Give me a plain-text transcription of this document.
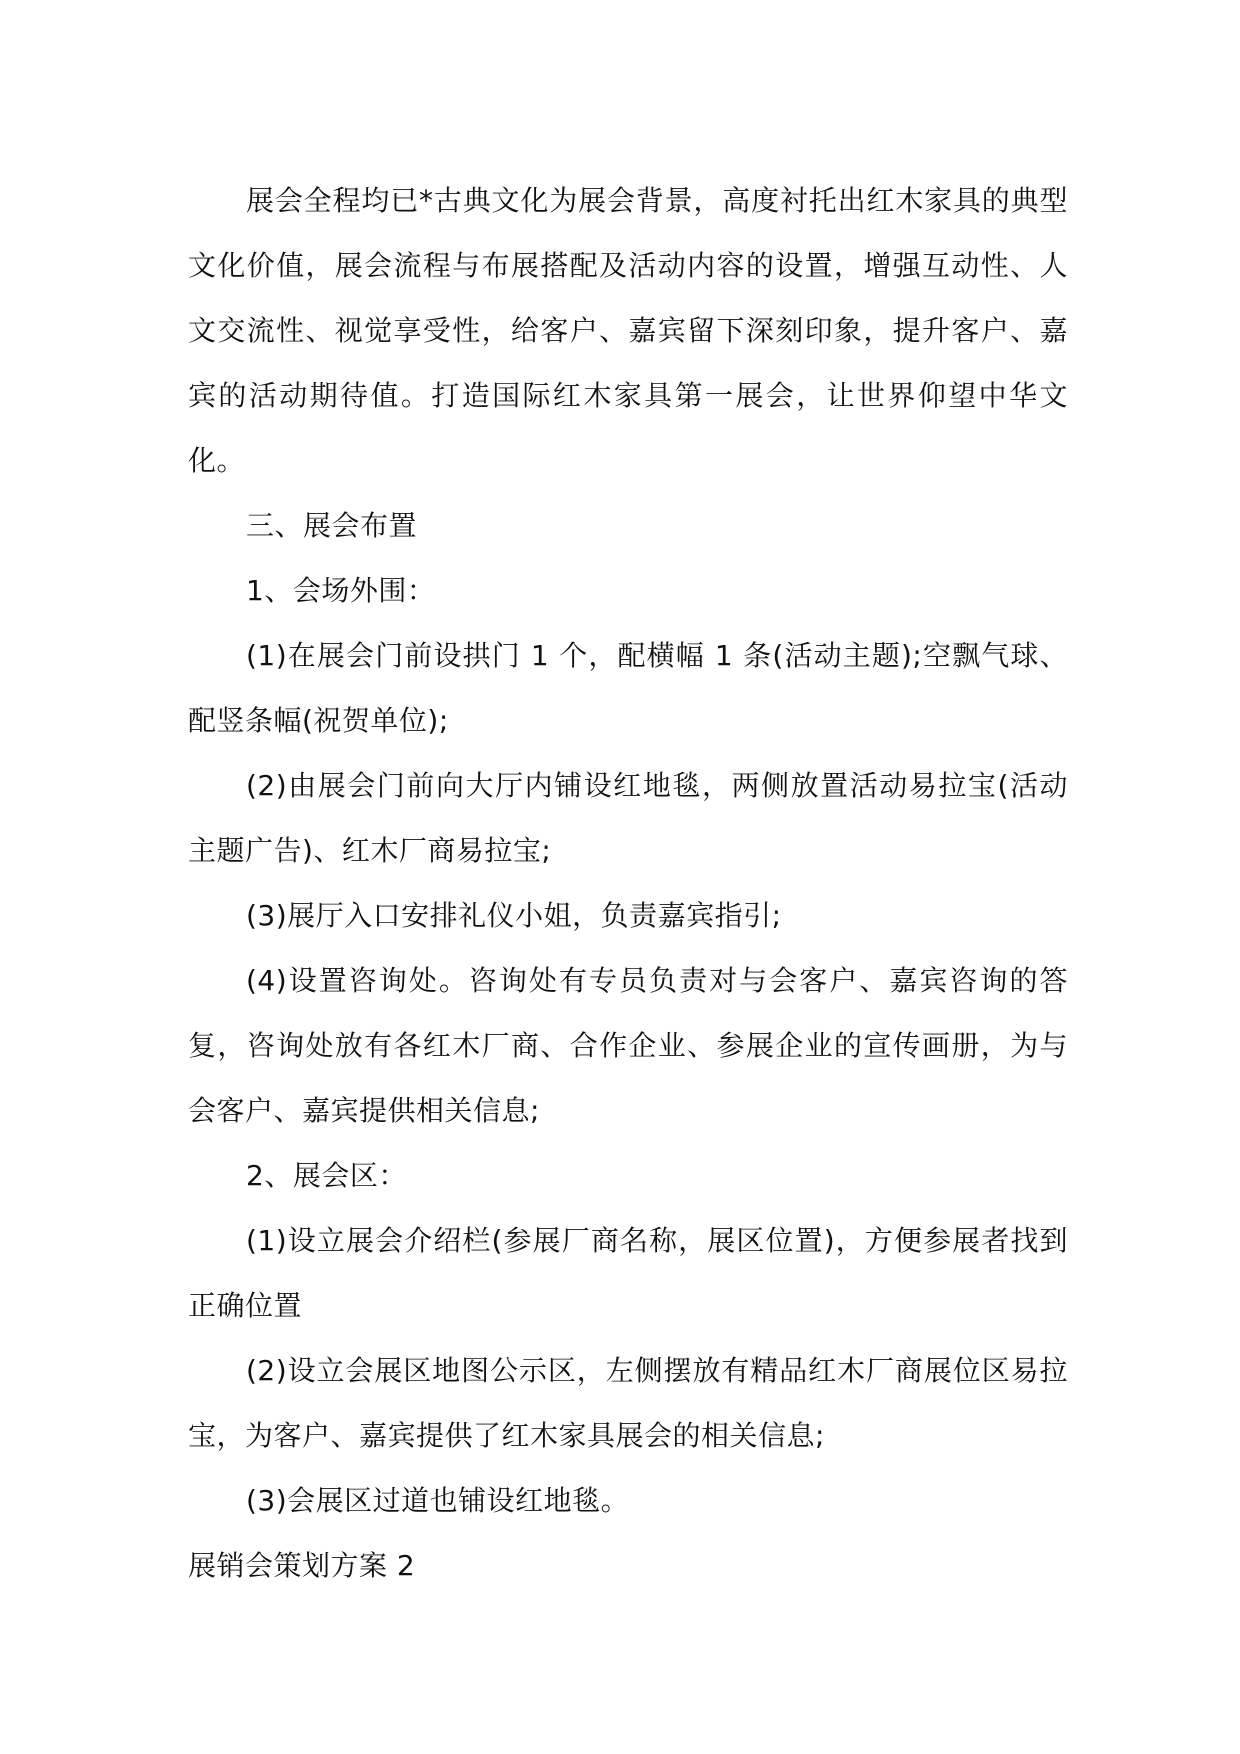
展会全程均已*古典文化为展会背景，高度衬托出红木家具的典型文化价值，展会流程与布展搭配及活动内容的设置，增强互动性、人文交流性、视觉享受性，给客户、嘉宾留下深刻印象，提升客户、嘉宾的活动期待值。打造国际红木家具第一展会，让世界仰望中华文化。

三、展会布置

1、会场外围：

(1)在展会门前设拱门 1 个，配横幅 1 条(活动主题);空飘气球、配竖条幅(祝贺单位);

(2)由展会门前向大厅内铺设红地毯，两侧放置活动易拉宝(活动主题广告)、红木厂商易拉宝;

(3)展厅入口安排礼仪小姐，负责嘉宾指引;

(4)设置咨询处。咨询处有专员负责对与会客户、嘉宾咨询的答复，咨询处放有各红木厂商、合作企业、参展企业的宣传画册，为与会客户、嘉宾提供相关信息;

2、展会区：

(1)设立展会介绍栏(参展厂商名称，展区位置)，方便参展者找到正确位置

(2)设立会展区地图公示区，左侧摆放有精品红木厂商展位区易拉宝，为客户、嘉宾提供了红木家具展会的相关信息;

(3)会展区过道也铺设红地毯。

展销会策划方案 2
